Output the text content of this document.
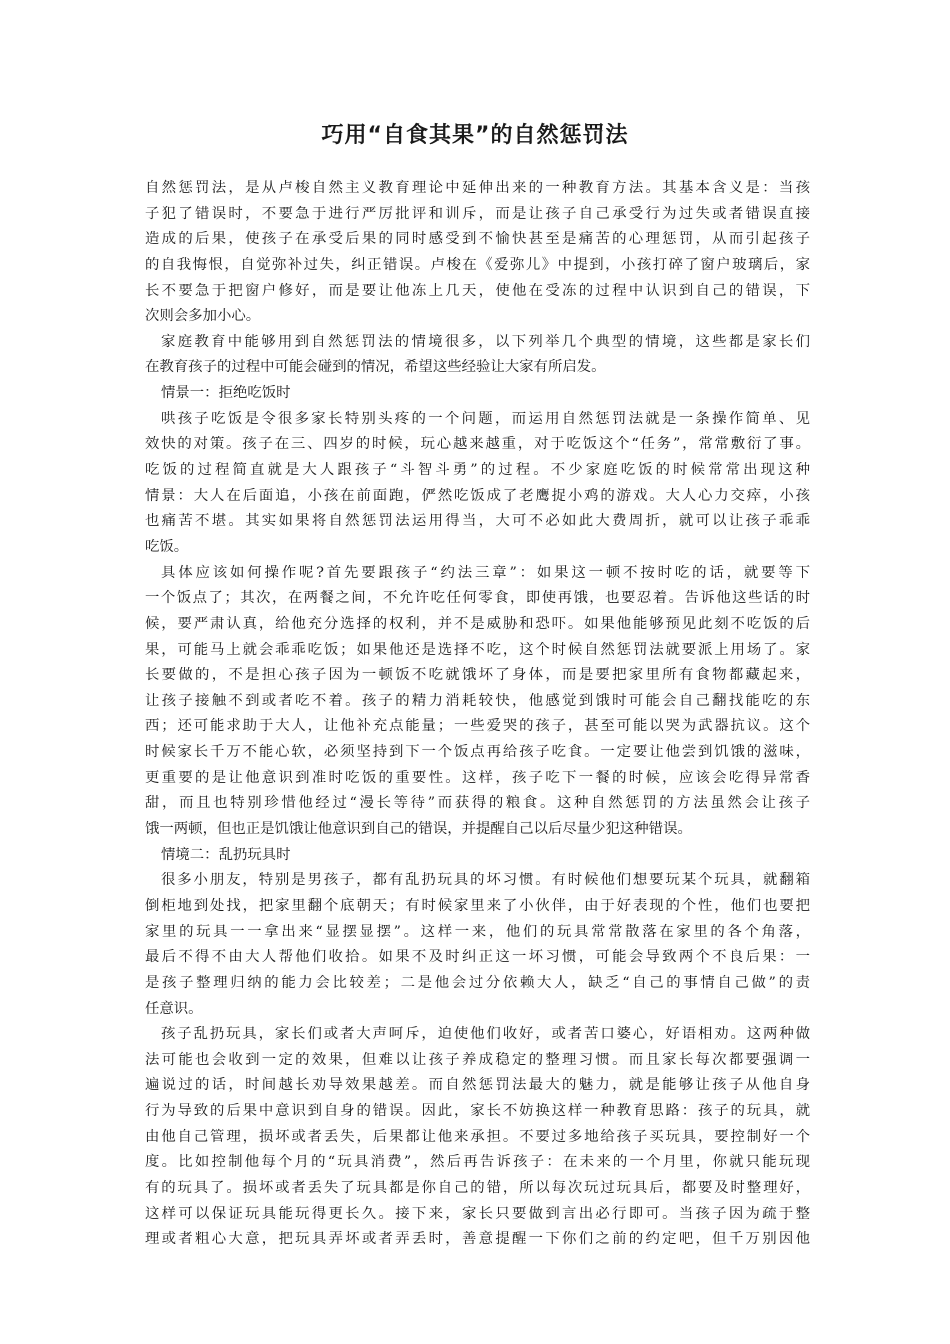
巧用“自食其果”的自然惩罚法
自然惩罚法，是从卢梭自然主义教育理论中延伸出来的一种教育方法。其基本含义是：当孩
子犯了错误时，不要急于进行严厉批评和训斥，而是让孩子自己承受行为过失或者错误直接
造成的后果，使孩子在承受后果的同时感受到不愉快甚至是痛苦的心理惩罚，从而引起孩子
的自我悔恨，自觉弥补过失，纠正错误。卢梭在《爱弥儿》中提到，小孩打碎了窗户玻璃后，家
长不要急于把窗户修好，而是要让他冻上几天，使他在受冻的过程中认识到自己的错误，下
次则会多加小心。
家庭教育中能够用到自然惩罚法的情境很多，以下列举几个典型的情境，这些都是家长们
在教育孩子的过程中可能会碰到的情况，希望这些经验让大家有所启发。
情景一：拒绝吃饭时
哄孩子吃饭是令很多家长特别头疼的一个问题，而运用自然惩罚法就是一条操作简单、见
效快的对策。孩子在三、四岁的时候，玩心越来越重，对于吃饭这个“任务”，常常敷衍了事。
吃饭的过程简直就是大人跟孩子“斗智斗勇”的过程。不少家庭吃饭的时候常常出现这种
情景：大人在后面追，小孩在前面跑，俨然吃饭成了老鹰捉小鸡的游戏。大人心力交瘁，小孩
也痛苦不堪。其实如果将自然惩罚法运用得当，大可不必如此大费周折，就可以让孩子乖乖
吃饭。
具体应该如何操作呢?首先要跟孩子“约法三章”：如果这一顿不按时吃的话，就要等下
一个饭点了；其次，在两餐之间，不允许吃任何零食，即使再饿，也要忍着。告诉他这些话的时
候，要严肃认真，给他充分选择的权利，并不是威胁和恐吓。如果他能够预见此刻不吃饭的后
果，可能马上就会乖乖吃饭；如果他还是选择不吃，这个时候自然惩罚法就要派上用场了。家
长要做的，不是担心孩子因为一顿饭不吃就饿坏了身体，而是要把家里所有食物都藏起来，
让孩子接触不到或者吃不着。孩子的精力消耗较快，他感觉到饿时可能会自己翻找能吃的东
西；还可能求助于大人，让他补充点能量；一些爱哭的孩子，甚至可能以哭为武器抗议。这个
时候家长千万不能心软，必须坚持到下一个饭点再给孩子吃食。一定要让他尝到饥饿的滋味，
更重要的是让他意识到准时吃饭的重要性。这样，孩子吃下一餐的时候，应该会吃得异常香
甜，而且也特别珍惜他经过“漫长等待”而获得的粮食。这种自然惩罚的方法虽然会让孩子
饿一两顿，但也正是饥饿让他意识到自己的错误，并提醒自己以后尽量少犯这种错误。
情境二：乱扔玩具时
很多小朋友，特别是男孩子，都有乱扔玩具的坏习惯。有时候他们想要玩某个玩具，就翻箱
倒柜地到处找，把家里翻个底朝天；有时候家里来了小伙伴，由于好表现的个性，他们也要把
家里的玩具一一拿出来“显摆显摆”。这样一来，他们的玩具常常散落在家里的各个角落，
最后不得不由大人帮他们收拾。如果不及时纠正这一坏习惯，可能会导致两个不良后果：一
是孩子整理归纳的能力会比较差；二是他会过分依赖大人，缺乏“自己的事情自己做”的责
任意识。
孩子乱扔玩具，家长们或者大声呵斥，迫使他们收好，或者苦口婆心，好语相劝。这两种做
法可能也会收到一定的效果，但难以让孩子养成稳定的整理习惯。而且家长每次都要强调一
遍说过的话，时间越长劝导效果越差。而自然惩罚法最大的魅力，就是能够让孩子从他自身
行为导致的后果中意识到自身的错误。因此，家长不妨换这样一种教育思路：孩子的玩具，就
由他自己管理，损坏或者丢失，后果都让他来承担。不要过多地给孩子买玩具，要控制好一个
度。比如控制他每个月的“玩具消费”，然后再告诉孩子：在未来的一个月里，你就只能玩现
有的玩具了。损坏或者丢失了玩具都是你自己的错，所以每次玩过玩具后，都要及时整理好，
这样可以保证玩具能玩得更长久。接下来，家长只要做到言出必行即可。当孩子因为疏于整
理或者粗心大意，把玩具弄坏或者弄丢时，善意提醒一下你们之前的约定吧，但千万别因他
